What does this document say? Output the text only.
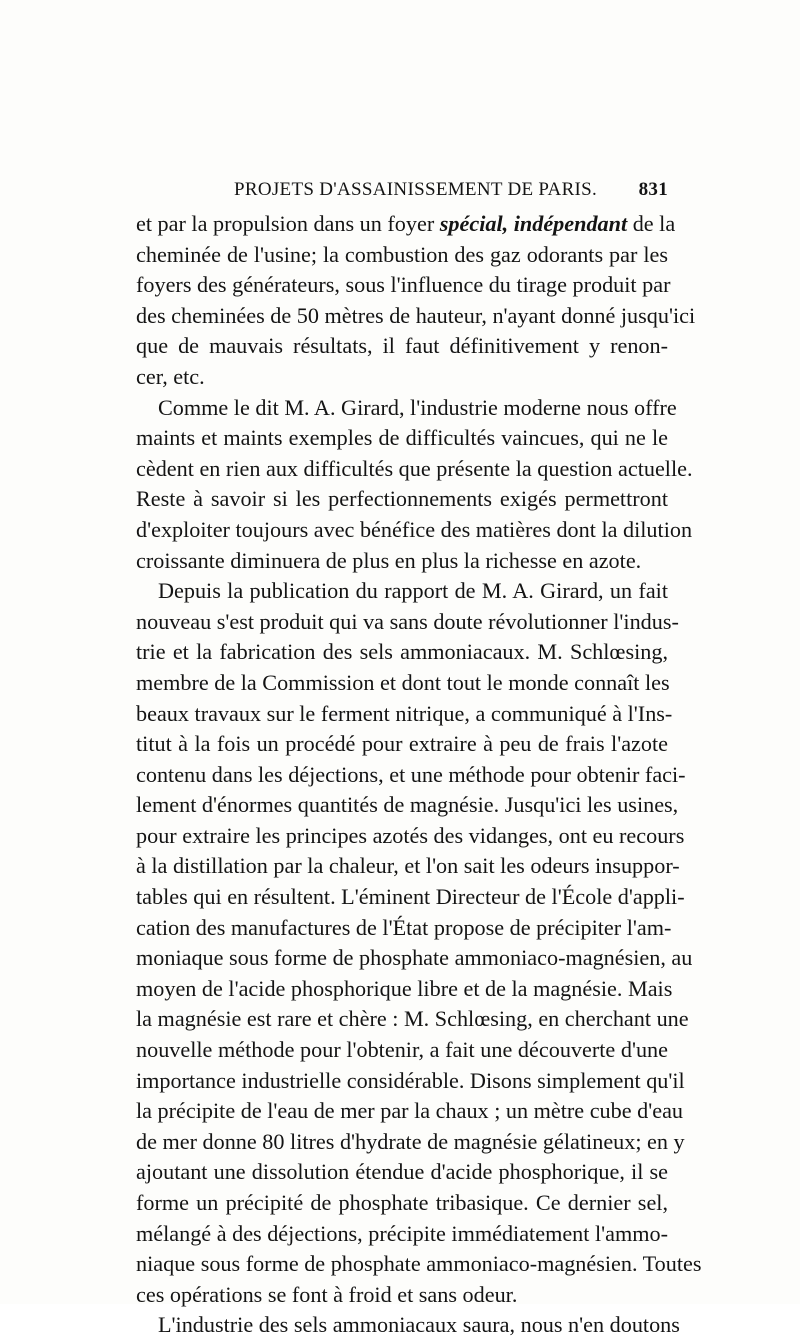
PROJETS D'ASSAINISSEMENT DE PARIS. 831

et par la propulsion dans un foyer spécial, indépendant de la
cheminée de l'usine; la combustion des gaz odorants par les
foyers des générateurs, sous l'influence du tirage produit par
des cheminées de 50 mètres de hauteur, n'ayant donné jusqu'ici
que de mauvais résultats, il faut définitivement y renon-
cer, etc.

Comme le dit M. A. Girard, l'industrie moderne nous offre
maints et maints exemples de difficultés vaincues, qui ne le
cèdent en rien aux difficultés que présente la question actuelle.
Reste à savoir si les perfectionnements exigés permettront
d'exploiter toujours avec bénéfice des matières dont la dilution
croissante diminuera de plus en plus la richesse en azote.

Depuis la publication du rapport de M. A. Girard, un fait
nouveau s'est produit qui va sans doute révolutionner l'indus-
trie et la fabrication des sels ammoniacaux. M. Schlœsing,
membre de la Commission et dont tout le monde connaît les
beaux travaux sur le ferment nitrique, a communiqué à l'Ins-
titut à la fois un procédé pour extraire à peu de frais l'azote
contenu dans les déjections, et une méthode pour obtenir faci-
lement d'énormes quantités de magnésie. Jusqu'ici les usines,
pour extraire les principes azotés des vidanges, ont eu recours
à la distillation par la chaleur, et l'on sait les odeurs insuppor-
tables qui en résultent. L'éminent Directeur de l'École d'appli-
cation des manufactures de l'État propose de précipiter l'am-
moniaque sous forme de phosphate ammoniaco-magnésien, au
moyen de l'acide phosphorique libre et de la magnésie. Mais
la magnésie est rare et chère : M. Schlœsing, en cherchant une
nouvelle méthode pour l'obtenir, a fait une découverte d'une
importance industrielle considérable. Disons simplement qu'il
la précipite de l'eau de mer par la chaux ; un mètre cube d'eau
de mer donne 80 litres d'hydrate de magnésie gélatineux; en y
ajoutant une dissolution étendue d'acide phosphorique, il se
forme un précipité de phosphate tribasique. Ce dernier sel,
mélangé à des déjections, précipite immédiatement l'ammo-
niaque sous forme de phosphate ammoniaco-magnésien. Toutes
ces opérations se font à froid et sans odeur.

L'industrie des sels ammoniacaux saura, nous n'en doutons
